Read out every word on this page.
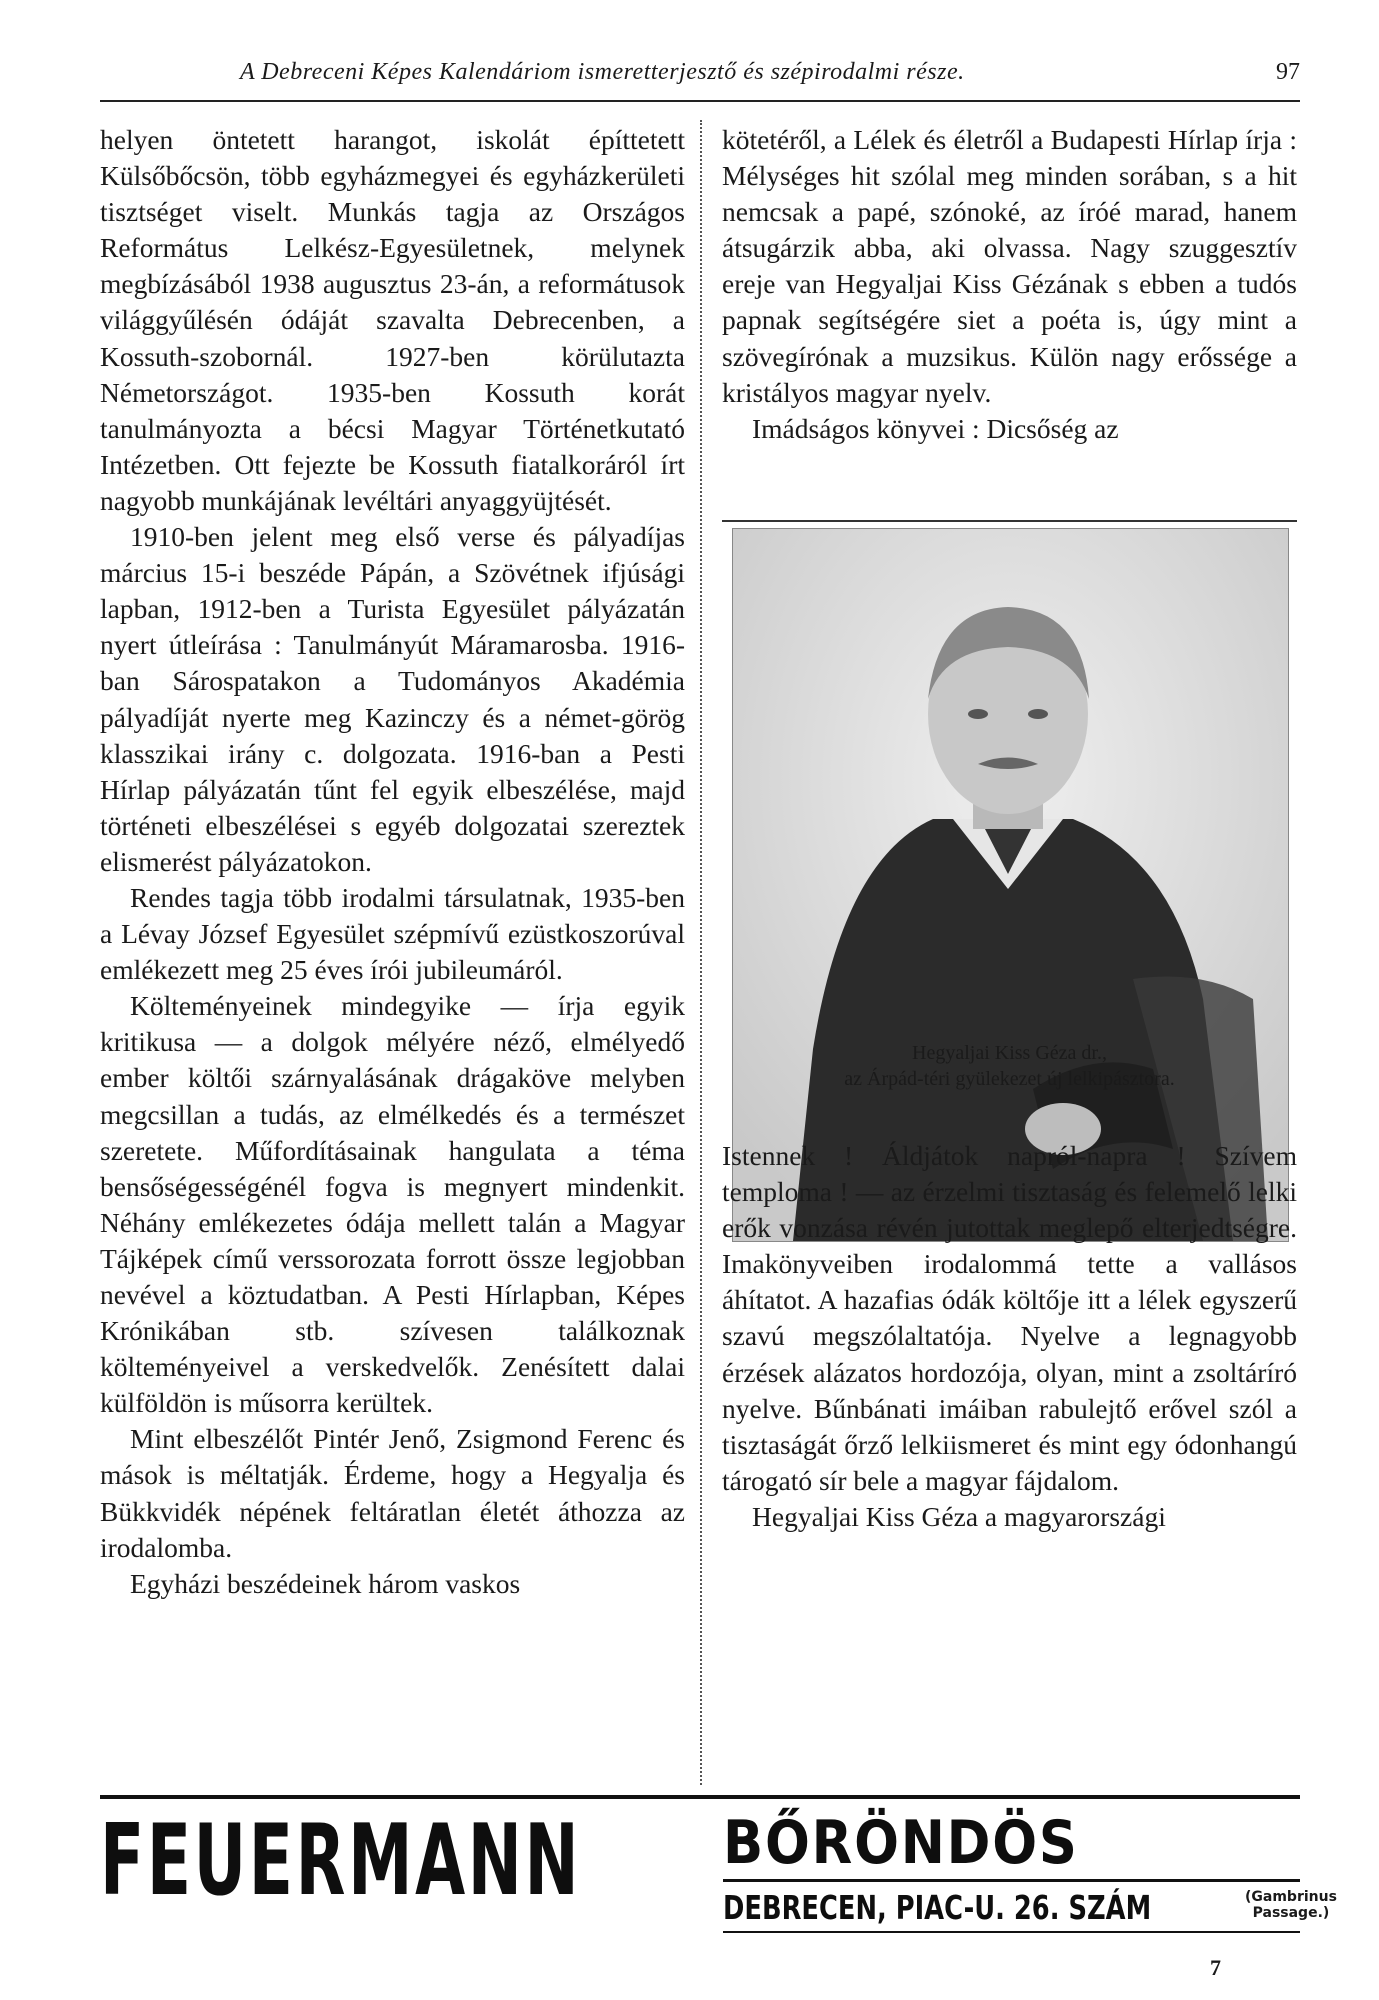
A Debreceni Képes Kalendáriom ismeretterjesztő és szépirodalmi része.	97

helyen öntetett harangot, iskolát építtetett Külsőbőcsön, több egyházmegyei és egyházkerületi tisztséget viselt. Munkás tagja az Országos Református Lelkész-Egyesületnek, melynek megbízásából 1938 augusztus 23-án, a reformátusok világgyűlésén ódáját szavalta Debrecenben, a Kossuth-szobornál. 1927-ben körülutazta Németországot. 1935-ben Kossuth korát tanulmányozta a bécsi Magyar Történetkutató Intézetben. Ott fejezte be Kossuth fiatalkoráról írt nagyobb munkájának levéltári anyaggyüjtését.

1910-ben jelent meg első verse és pályadíjas március 15-i beszéde Pápán, a Szövétnek ifjúsági lapban, 1912-ben a Turista Egyesület pályázatán nyert útleírása : Tanulmányút Máramarosba. 1916-ban Sárospatakon a Tudományos Akadémia pályadíját nyerte meg Kazinczy és a német-görög klasszikai irány c. dolgozata. 1916-ban a Pesti Hírlap pályázatán tűnt fel egyik elbeszélése, majd történeti elbeszélései s egyéb dolgozatai szereztek elismerést pályázatokon.

Rendes tagja több irodalmi társulatnak, 1935-ben a Lévay József Egyesület szépmívű ezüstkoszorúval emlékezett meg 25 éves írói jubileumáról.

Költeményeinek mindegyike — írja egyik kritikusa — a dolgok mélyére néző, elmélyedő ember költői szárnyalásának drágaköve melyben megcsillan a tudás, az elmélkedés és a természet szeretete. Műfordításainak hangulata a téma bensőségességénél fogva is megnyert mindenkit. Néhány emlékezetes ódája mellett talán a Magyar Tájképek című verssorozata forrott össze legjobban nevével a köztudatban. A Pesti Hírlapban, Képes Krónikában stb. szívesen találkoznak költeményeivel a verskedvelők. Zenésített dalai külföldön is műsorra kerültek.

Mint elbeszélőt Pintér Jenő, Zsigmond Ferenc és mások is méltatják. Érdeme, hogy a Hegyalja és Bükkvidék népének feltáratlan életét áthozza az irodalomba.

Egyházi beszédeinek három vaskos

kötetéről, a Lélek és életről a Budapesti Hírlap írja : Mélységes hit szólal meg minden sorában, s a hit nemcsak a papé, szónoké, az íróé marad, hanem átsugárzik abba, aki olvassa. Nagy szuggesztív ereje van Hegyaljai Kiss Gézának s ebben a tudós papnak segítségére siet a poéta is, úgy mint a szövegírónak a muzsikus. Külön nagy erőssége a kristályos magyar nyelv.

Imádságos könyvei : Dicsőség az

Hegyaljai Kiss Géza dr.,
az Árpád-téri gyülekezet új lelkipásztora.

Istennek ! Áldjátok napról-napra ! Szívem temploma ! — az érzelmi tisztaság és felemelő lelki erők vonzása révén jutottak meglepő elterjedtségre. Imakönyveiben irodalommá tette a vallásos áhítatot. A hazafias ódák költője itt a lélek egyszerű szavú megszólaltatója. Nyelve a legnagyobb érzések alázatos hordozója, olyan, mint a zsoltáríró nyelve. Bűnbánati imáiban rabulejtő erővel szól a tisztaságát őrző lelkiismeret és mint egy ódonhangú tárogató sír bele a magyar fájdalom.

Hegyaljai Kiss Géza a magyarországi

FEUERMANN BŐRÖNDÖS
DEBRECEN, PIAC-U. 26. SZÁM	(Gambrinus
Passage.)
7
